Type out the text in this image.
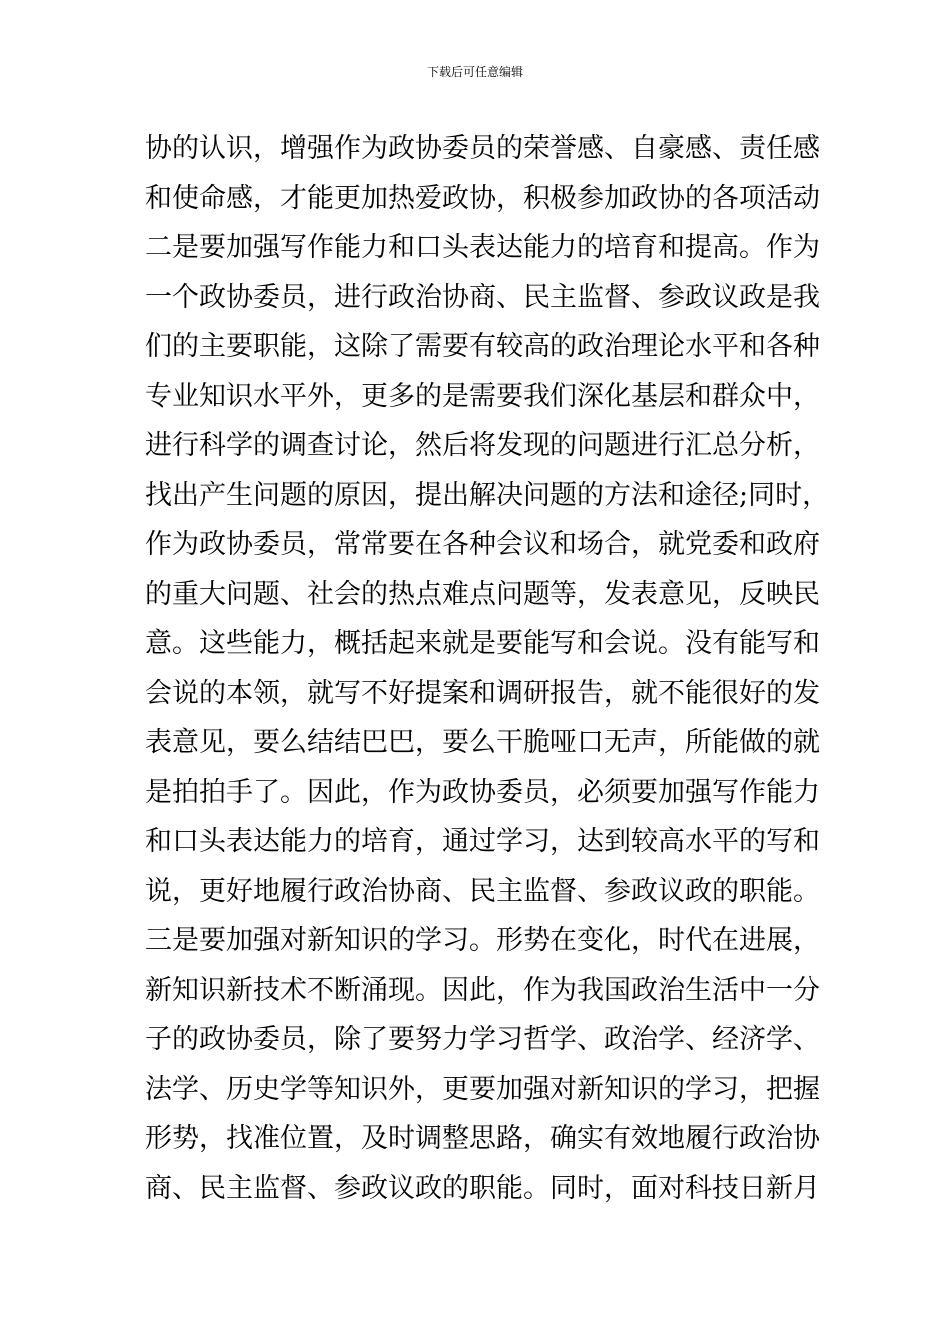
下载后可任意编辑
协的认识，增强作为政协委员的荣誉感、自豪感、责任感
和使命感，才能更加热爱政协，积极参加政协的各项活动
二是要加强写作能力和口头表达能力的培育和提高。作为
一个政协委员，进行政治协商、民主监督、参政议政是我
们的主要职能，这除了需要有较高的政治理论水平和各种
专业知识水平外，更多的是需要我们深化基层和群众中，
进行科学的调查讨论，然后将发现的问题进行汇总分析，
找出产生问题的原因，提出解决问题的方法和途径;同时，
作为政协委员，常常要在各种会议和场合，就党委和政府
的重大问题、社会的热点难点问题等，发表意见，反映民
意。这些能力，概括起来就是要能写和会说。没有能写和
会说的本领，就写不好提案和调研报告，就不能很好的发
表意见，要么结结巴巴，要么干脆哑口无声，所能做的就
是拍拍手了。因此，作为政协委员，必须要加强写作能力
和口头表达能力的培育，通过学习，达到较高水平的写和
说，更好地履行政治协商、民主监督、参政议政的职能。
三是要加强对新知识的学习。形势在变化，时代在进展，
新知识新技术不断涌现。因此，作为我国政治生活中一分
子的政协委员，除了要努力学习哲学、政治学、经济学、
法学、历史学等知识外，更要加强对新知识的学习，把握
形势，找准位置，及时调整思路，确实有效地履行政治协
商、民主监督、参政议政的职能。同时，面对科技日新月
